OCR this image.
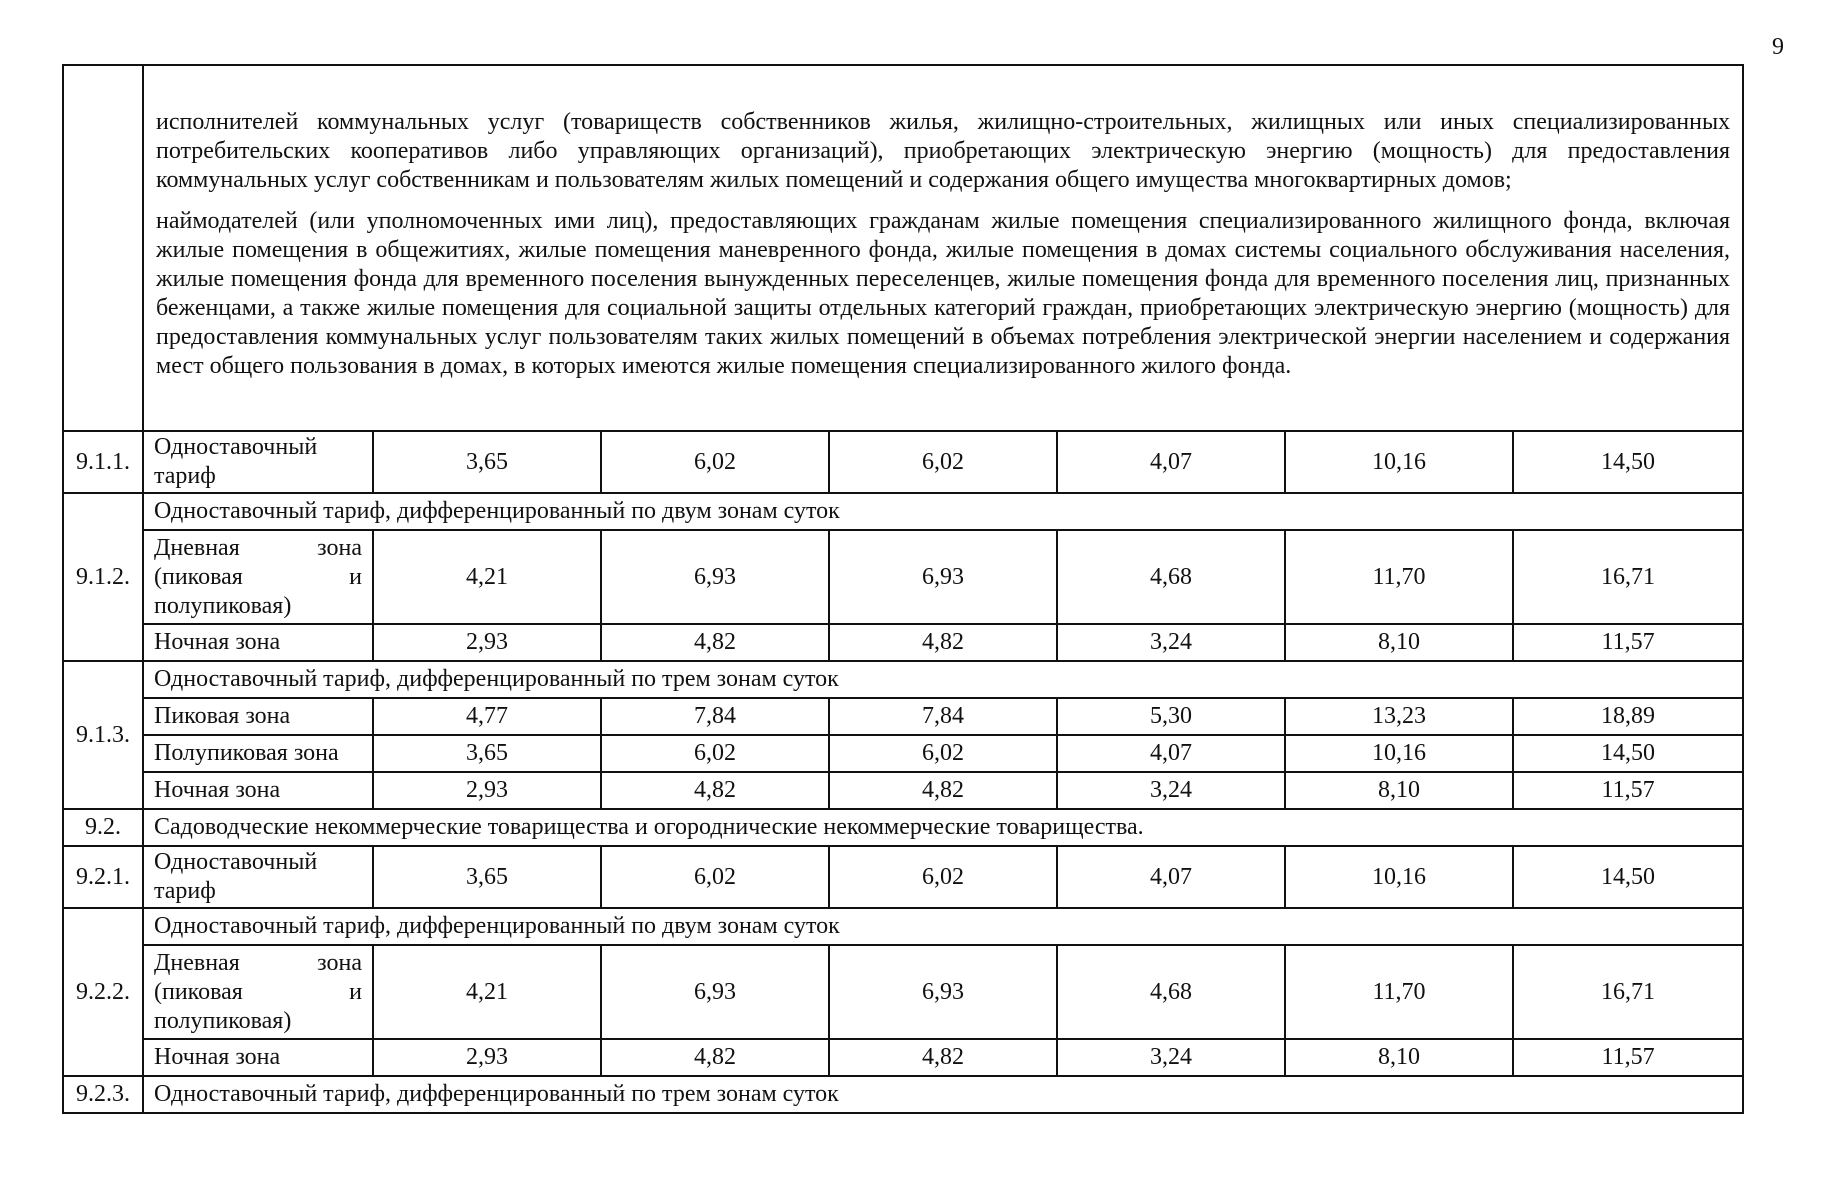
9

	исполнителей коммунальных услуг (товариществ собственников жилья, жилищно-строительных, жилищных или иных специализированных потребительских кооперативов либо управляющих организаций), приобретающих электрическую энергию (мощность) для предоставления коммунальных услуг собственникам и пользователям жилых помещений и содержания общего имущества многоквартирных домов;

наймодателей (или уполномоченных ими лиц), предоставляющих гражданам жилые помещения специализированного жилищного фонда, включая жилые помещения в общежитиях, жилые помещения маневренного фонда, жилые помещения в домах системы социального обслуживания населения, жилые помещения фонда для временного поселения вынужденных переселенцев, жилые помещения фонда для временного поселения лиц, признанных беженцами, а также жилые помещения для социальной защиты отдельных категорий граждан, приобретающих электрическую энергию (мощность) для предоставления коммунальных услуг пользователям таких жилых помещений в объемах потребления электрической энергии населением и содержания мест общего пользования в домах, в которых имеются жилые помещения специализированного жилого фонда.						

9.1.1.	Одноставочный тариф	3,65	6,02	6,02	4,07	10,16	14,50
9.1.2.	Одноставочный тариф, дифференцированный по двум зонам суток						

	Дневная зона
(пиковая и
полупиковая)	4,21	6,93	6,93	4,68	11,70	16,71
	Ночная зона	2,93	4,82	4,82	3,24	8,10	11,57
9.1.3.	Одноставочный тариф, дифференцированный по трем зонам суток						
	Пиковая зона	4,77	7,84	7,84	5,30	13,23	18,89
	Полупиковая зона	3,65	6,02	6,02	4,07	10,16	14,50
	Ночная зона	2,93	4,82	4,82	3,24	8,10	11,57
9.2.	Садоводческие некоммерческие товарищества и огороднические некоммерческие товарищества.						
9.2.1.	Одноставочный тариф	3,65	6,02	6,02	4,07	10,16	14,50
9.2.2.	Одноставочный тариф, дифференцированный по двум зонам суток						

	Дневная зона
(пиковая и
полупиковая)	4,21	6,93	6,93	4,68	11,70	16,71
	Ночная зона	2,93	4,82	4,82	3,24	8,10	11,57
9.2.3.	Одноставочный тариф, дифференцированный по трем зонам суток						
